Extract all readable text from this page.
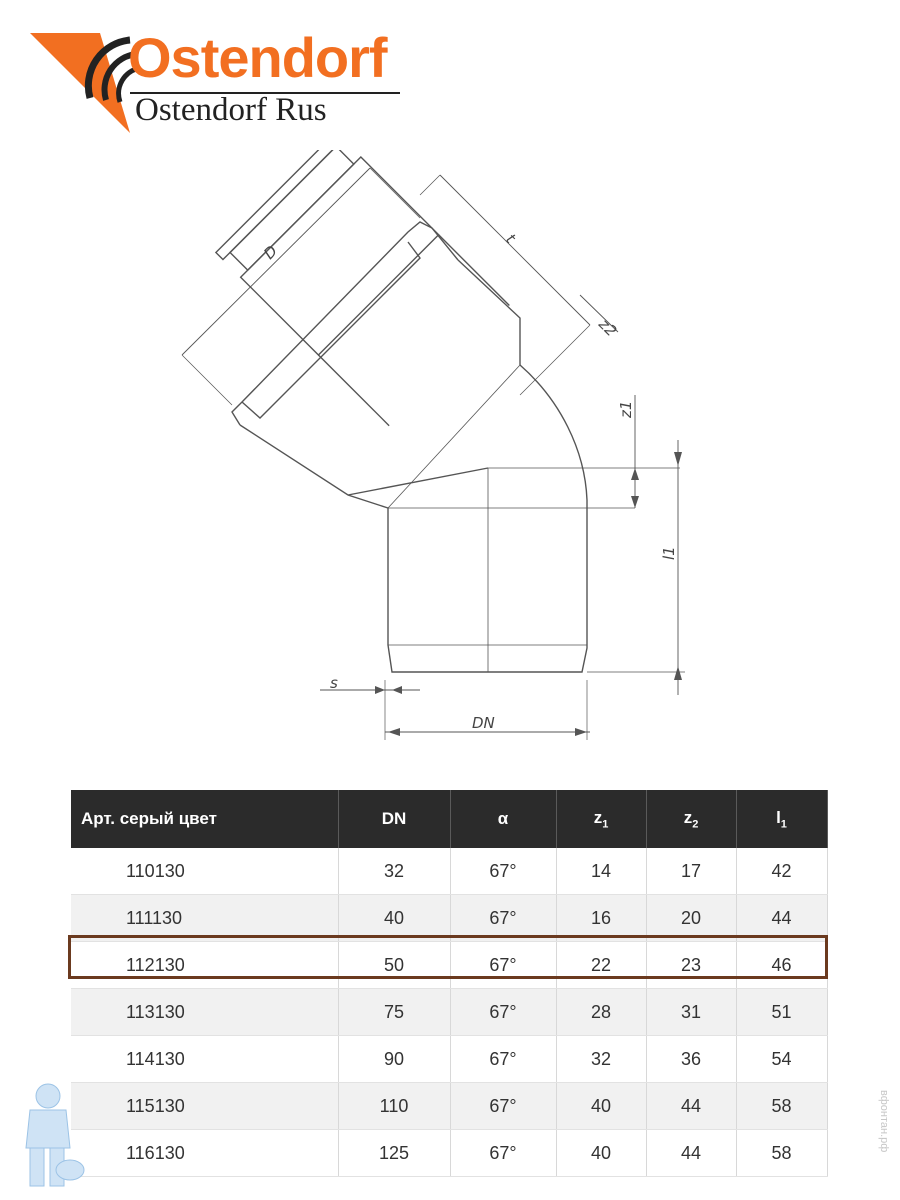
Ostendorf
Ostendorf Rus
D
t
z2
z1
l1
s
DN
Арт. серый цвет	DN	α	$z_1$	$z_2$	$l_1$
110130	32	67°	14	17	42
111130	40	67°	16	20	44
112130	50	67°	22	23	46
113130	75	67°	28	31	51
114130	90	67°	32	36	54
115130	110	67°	40	44	58
116130	125	67°	40	44	58
вфонтан.рф
